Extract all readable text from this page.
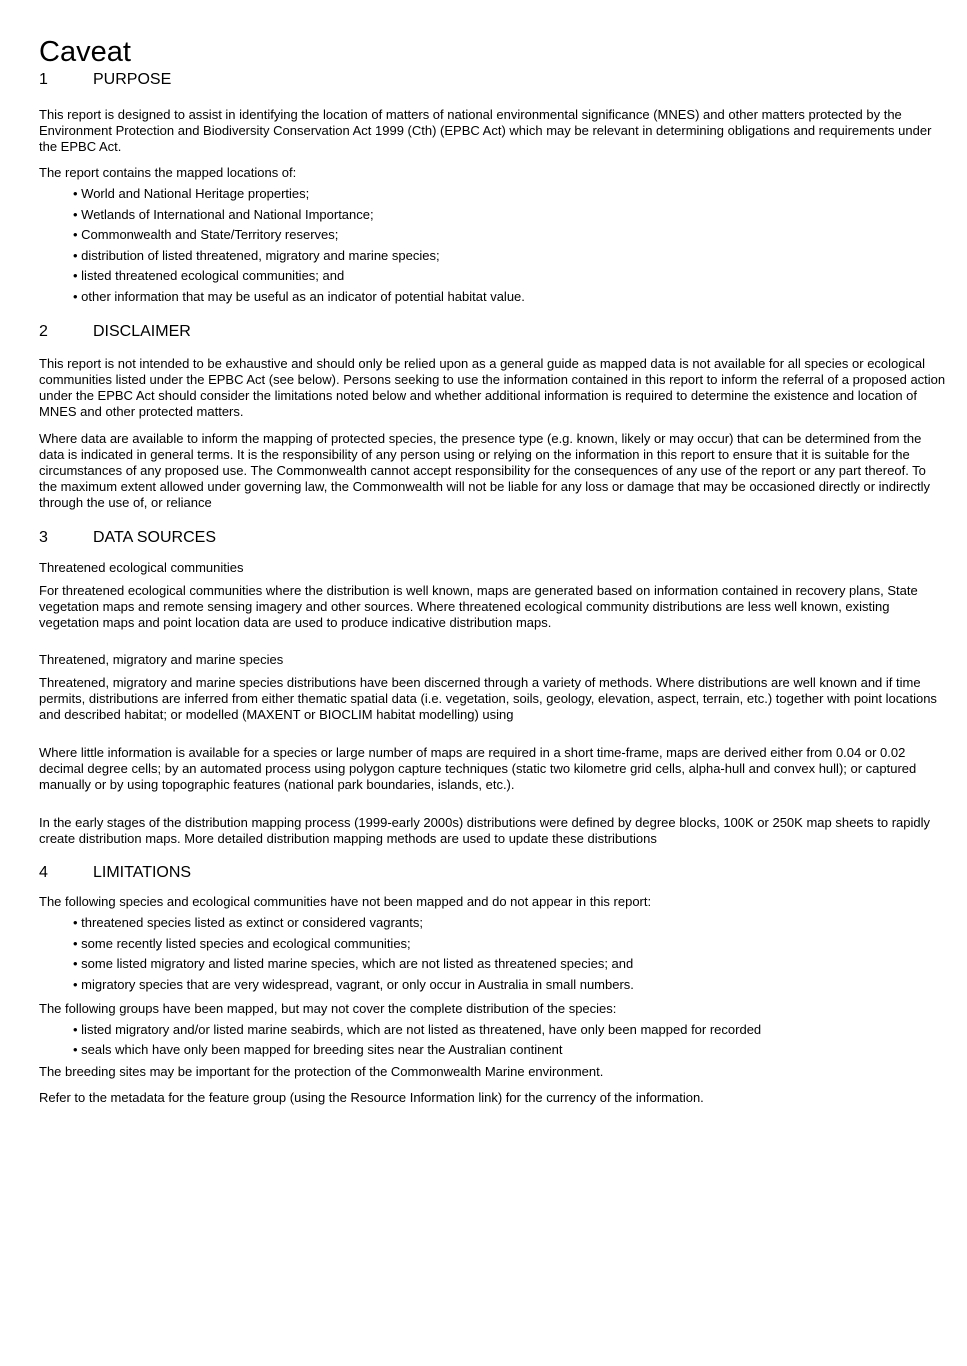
Caveat
1	PURPOSE

This report is designed to assist in identifying the location of matters of national environmental significance (MNES) and other matters protected by the Environment Protection and Biodiversity Conservation Act 1999 (Cth) (EPBC Act) which may be relevant in determining obligations and requirements under the EPBC Act.

The report contains the mapped locations of:

• World and National Heritage properties;
• Wetlands of International and National Importance;
• Commonwealth and State/Territory reserves;
• distribution of listed threatened, migratory and marine species;
• listed threatened ecological communities; and
• other information that may be useful as an indicator of potential habitat value.
2	DISCLAIMER

This report is not intended to be exhaustive and should only be relied upon as a general guide as mapped data is not available for all species or ecological communities listed under the EPBC Act (see below). Persons seeking to use the information contained in this report to inform the referral of a proposed action under the EPBC Act should consider the limitations noted below and whether additional information is required to determine the existence and location of MNES and other protected matters.

Where data are available to inform the mapping of protected species, the presence type (e.g. known, likely or may occur) that can be determined from the data is indicated in general terms. It is the responsibility of any person using or relying on the information in this report to ensure that it is suitable for the circumstances of any proposed use. The Commonwealth cannot accept responsibility for the consequences of any use of the report or any part thereof. To the maximum extent allowed under governing law, the Commonwealth will not be liable for any loss or damage that may be occasioned directly or indirectly through the use of, or reliance

3	DATA SOURCES

Threatened ecological communities

For threatened ecological communities where the distribution is well known, maps are generated based on information contained in recovery plans, State vegetation maps and remote sensing imagery and other sources. Where threatened ecological community distributions are less well known, existing vegetation maps and point location data are used to produce indicative distribution maps.

Threatened, migratory and marine species

Threatened, migratory and marine species distributions have been discerned through a variety of methods. Where distributions are well known and if time permits, distributions are inferred from either thematic spatial data (i.e. vegetation, soils, geology, elevation, aspect, terrain, etc.) together with point locations and described habitat; or modelled (MAXENT or BIOCLIM habitat modelling) using

Where little information is available for a species or large number of maps are required in a short time-frame, maps are derived either from 0.04 or 0.02 decimal degree cells; by an automated process using polygon capture techniques (static two kilometre grid cells, alpha-hull and convex hull); or captured manually or by using topographic features (national park boundaries, islands, etc.).

In the early stages of the distribution mapping process (1999-early 2000s) distributions were defined by degree blocks, 100K or 250K map sheets to rapidly create distribution maps. More detailed distribution mapping methods are used to update these distributions

4	LIMITATIONS

The following species and ecological communities have not been mapped and do not appear in this report:

• threatened species listed as extinct or considered vagrants;
• some recently listed species and ecological communities;
• some listed migratory and listed marine species, which are not listed as threatened species; and
• migratory species that are very widespread, vagrant, or only occur in Australia in small numbers.

The following groups have been mapped, but may not cover the complete distribution of the species:

• listed migratory and/or listed marine seabirds, which are not listed as threatened, have only been mapped for recorded
• seals which have only been mapped for breeding sites near the Australian continent

The breeding sites may be important for the protection of the Commonwealth Marine environment.

Refer to the metadata for the feature group (using the Resource Information link) for the currency of the information.
